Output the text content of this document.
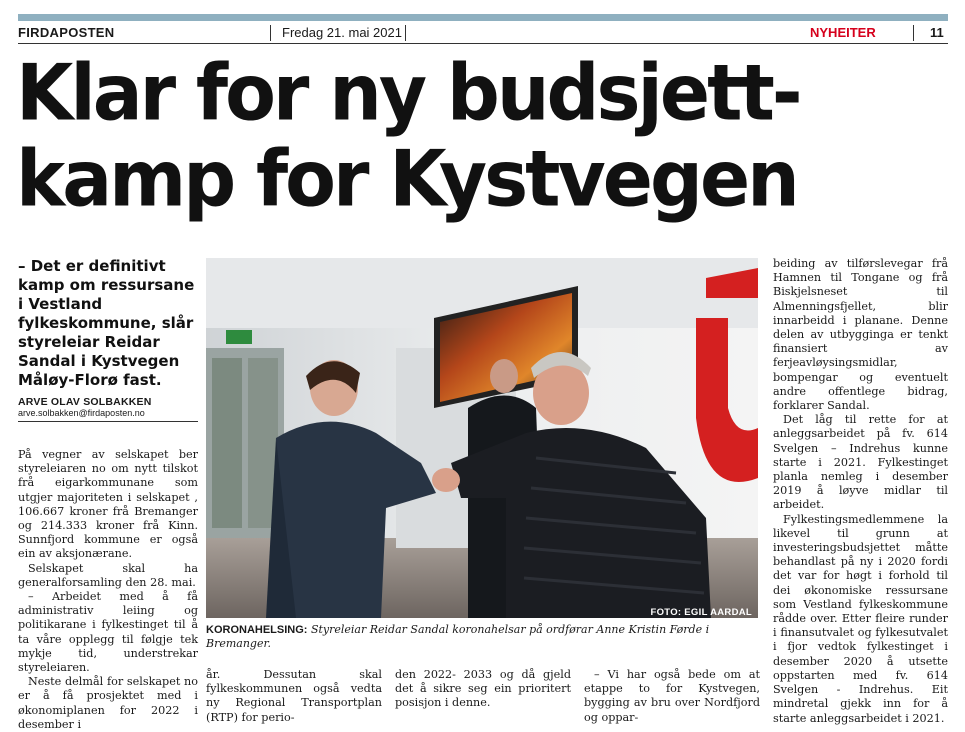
FIRDAPOSTEN	Fredag 21. mai 2021	NYHEITER	11
Klar for ny budsjett-
kamp for Kystvegen
– Det er definitivt kamp om ressursane i Vestland fylkeskommune, slår styreleiar Reidar Sandal i Kystvegen Måløy-Florø fast.
ARVE OLAV SOLBAKKEN
arve.solbakken@firdaposten.no

På vegner av selskapet ber styreleiaren no om nytt tilskot frå eigarkommunane som utgjer majoriteten i selskapet , 106.667 kroner frå Bremanger og 214.333 kroner frå Kinn. Sunnfjord kommune er også ein av aksjonærane.

Selskapet skal ha generalforsamling den 28. mai.

– Arbeidet med å få administrativ leiing og politikarane i fylkestinget til å ta våre opplegg til følgje tek mykje tid, understrekar styreleiaren.

Neste delmål for selskapet no er å få prosjektet med i økonomiplanen for 2022 i desember i

beiding av tilførslevegar frå Hamnen til Tongane og frå Biskjelsneset til Almenningsfjellet, blir innarbeidd i planane. Denne delen av utbygginga er tenkt finansiert av ferjeavløysingsmidlar, bompengar og eventuelt andre offentlege bidrag, forklarer Sandal.

Det låg til rette for at anleggsarbeidet på fv. 614 Svelgen – Indrehus kunne starte i 2021. Fylkestinget planla nemleg i desember 2019 å løyve midlar til arbeidet.

Fylkestingsmedlemmene la likevel til grunn at investeringsbudsjettet måtte behandlast på ny i 2020 fordi det var for høgt i forhold til dei økonomiske ressursane som Vestland fylkeskommune rådde over. Etter fleire runder i finansutvalet og fylkesutvalet i fjor vedtok fylkestinget i desember 2020 å utsette oppstarten med fv. 614 Svelgen - Indrehus. Eit mindretal gjekk inn for å starte anleggsarbeidet i 2021.

FOTO: EGIL AARDAL
KORONAHELSING: Styreleiar Reidar Sandal koronahelsar på ordførar Anne Kristin Førde i Bremanger.

år. Dessutan skal fylkeskommunen også vedta ny Regional Transportplan (RTP) for perio-

den 2022- 2033 og då gjeld det å sikre seg ein prioritert posisjon i denne.

– Vi har også bede om at etappe to for Kystvegen, bygging av bru over Nordfjord og oppar-
